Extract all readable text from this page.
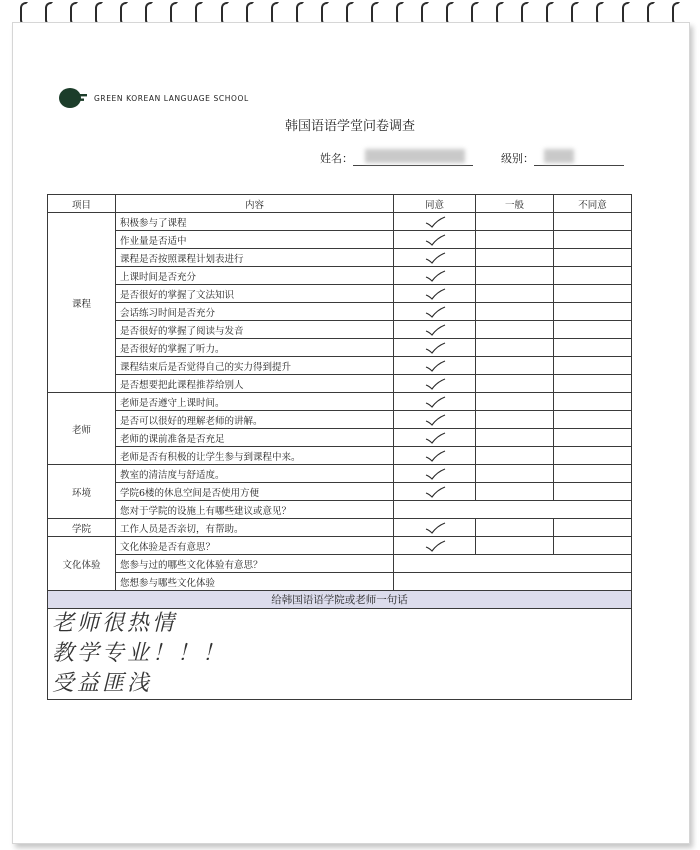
GREEN KOREAN LANGUAGE SCHOOL
韩国语语学堂问卷调查
姓名：	级别：
项目	内容	同意	一般	不同意
课程	积极参与了课程			
	作业量是否适中			
	课程是否按照课程计划表进行			
	上课时间是否充分			
	是否很好的掌握了文法知识			
	会话练习时间是否充分			
	是否很好的掌握了阅读与发音			
	是否很好的掌握了听力。			
	课程结束后是否觉得自己的实力得到提升			
	是否想要把此课程推荐给别人			
老师	老师是否遵守上课时间。			
	是否可以很好的理解老师的讲解。			
	老师的课前准备是否充足			
	老师是否有积极的让学生参与到课程中来。			
环境	教室的清洁度与舒适度。			
	学院6楼的休息空间是否使用方便			
	您对于学院的设施上有哪些建议或意见？			
学院	工作人员是否亲切，有帮助。			
文化体验	文化体验是否有意思？			
	您参与过的哪些文化体验有意思？			
	您想参与哪些文化体验			
给韩国语语学院或老师一句话				

老师很热情
教学专业！！！
受益匪浅				
